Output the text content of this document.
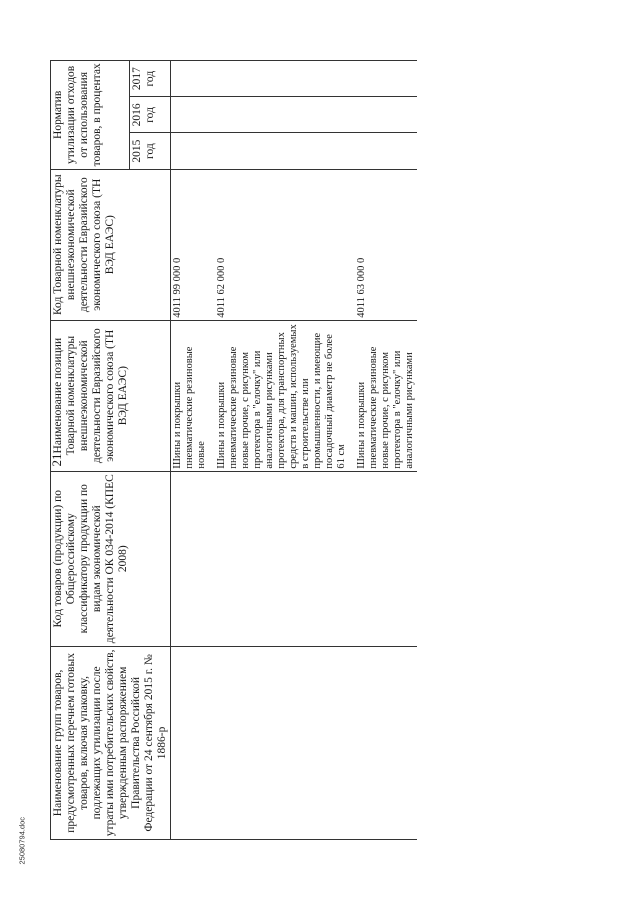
21
Наименование групп товаров, предусмотренных перечнем готовых товаров, включая упаковку, подлежащих утилизации после утраты ими потребительских свойств, утвержденным распоряжением Правительства Российской Федерации от 24 сентября 2015 г. № 1886-р	Код товаров (продукции) по Общероссийскому классификатору продукции по видам экономической деятельности ОК 034-2014 (КПЕС 2008)	Наименование позиции Товарной номенклатуры внешнеэкономической деятельности Евразийского экономического союза (ТН ВЭД ЕАЭС)	Код Товарной номенклатуры внешнеэкономической деятельности Евразийского экономического союза (ТН ВЭД ЕАЭС)	Норматив утилизации отходов от использования товаров, в процентах		
				2015 год	2016 год	2017 год
		Шины и покрышки пневматические резиновые новые	4011 99 000 0			

		Шины и покрышки пневматические резиновые новые прочие, с рисунком протектора в "елочку" или аналогичными рисунками протектора, для транспортных средств и машин, используемых в строительстве или промышленности, и имеющие посадочный диаметр не более 61 см	4011 62 000 0			

		Шины и покрышки пневматические резиновые новые прочие, с рисунком протектора в "елочку" или аналогичными рисунками	4011 63 000 0			
25080794.doc
